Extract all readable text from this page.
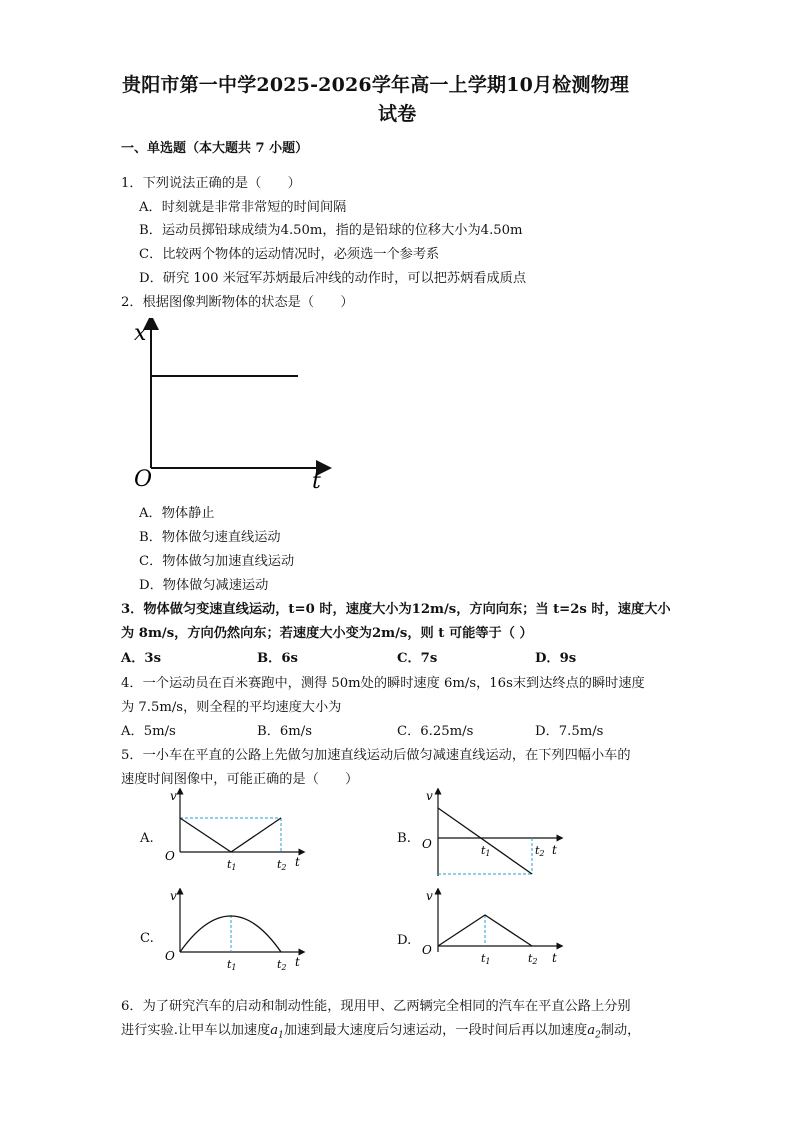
贵阳市第一中学2025-2026学年高一上学期10月检测物理
试卷
一、单选题（本大题共 7 小题）
1．下列说法正确的是（　　）
A．时刻就是非常非常短的时间间隔
B．运动员掷铅球成绩为4.50m，指的是铅球的位移大小为4.50m
C．比较两个物体的运动情况时，必须选一个参考系
D．研究 100 米冠军苏炳最后冲线的动作时，可以把苏炳看成质点
2．根据图像判断物体的状态是（　　）
x
O	t
A．物体静止
B．物体做匀速直线运动
C．物体做匀加速直线运动
D．物体做匀减速运动
3．物体做匀变速直线运动，t=0 时，速度大小为12m/s，方向向东；当 t=2s 时，速度大小
为 8m/s，方向仍然向东；若速度大小变为2m/s，则 t 可能等于（ ）
A．3s	B．6s	C．7s	D．9s
4．一个运动员在百米赛跑中，测得 50m处的瞬时速度 6m/s，16s末到达终点的瞬时速度
为 7.5m/s，则全程的平均速度大小为
A．5m/s	B．6m/s	C．6.25m/s	D．7.5m/s
5．一小车在平直的公路上先做匀加速直线运动后做匀减速直线运动，在下列四幅小车的
速度时间图像中，可能正确的是（　　）
A.
v
O
t1	t2 t
B.
v
O	t1	t2 t
C.
v
O
t1	t2 t
D.
v
O
t1	t2 t
6．为了研究汽车的启动和制动性能，现用甲、乙两辆完全相同的汽车在平直公路上分别
进行实验.让甲车以加速度$a_1$加速到最大速度后匀速运动，一段时间后再以加速度$a_2$制动，
